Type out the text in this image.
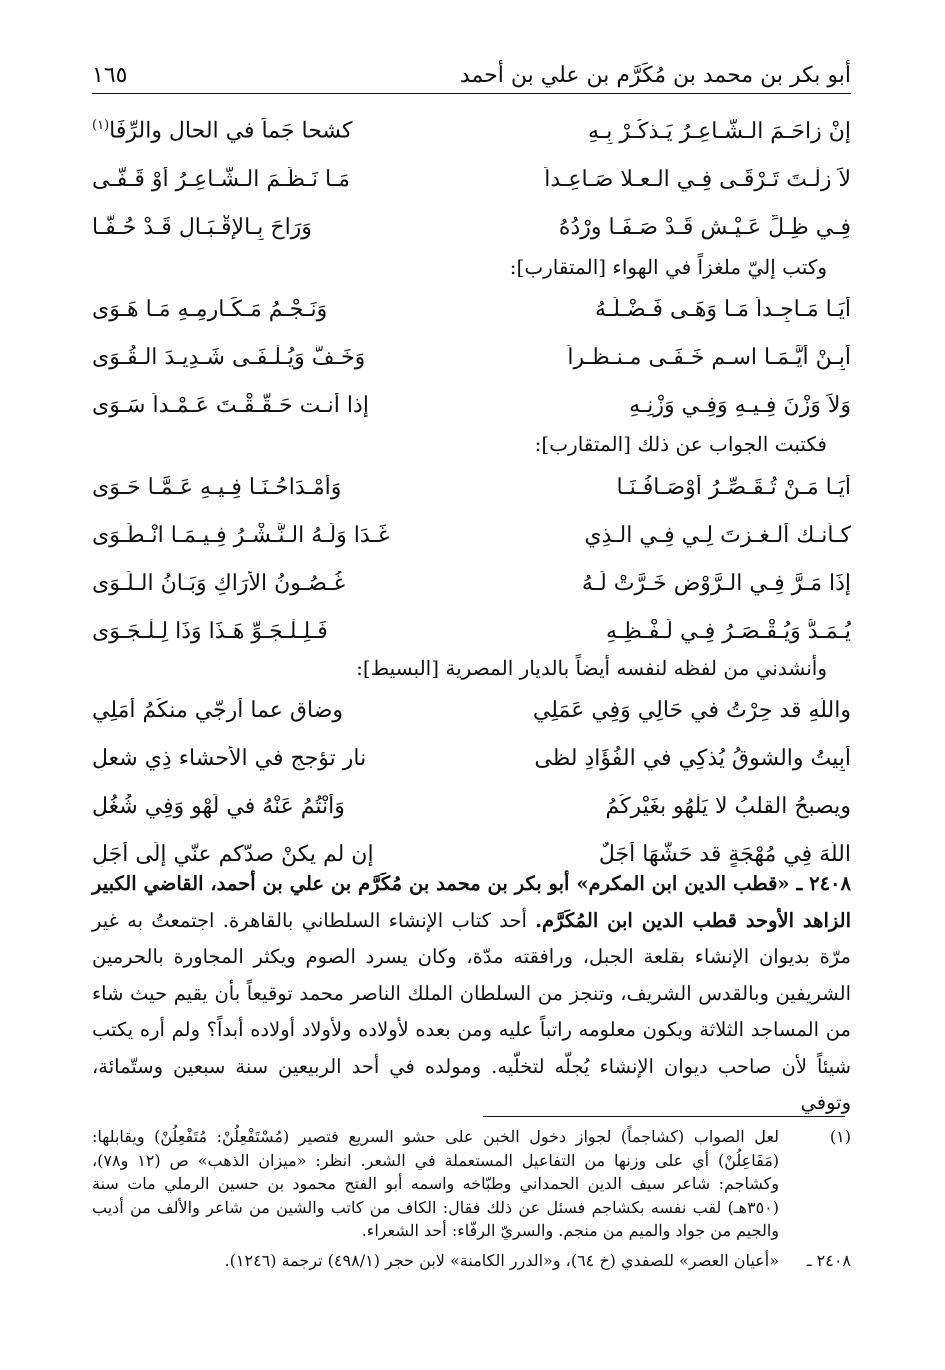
أبو بكر بن محمد بن مُكَرَّم بن علي بن أحمد
١٦٥
إنْ زاحَـمَ الـشَّـاعِـرُ يَـذكُـرْ بِـهِ
كشحا جَماً في الحال والرِّفَا$^{(١)}$
لاَ زِلْـتَ تَـرْقَـى فِـي الـعـلا صَـاعِـداً
مَـا نَـظَـمَ الـشَّـاعِـرُ أَوْ قَـفَّـى
فِـي ظِـلِّ عَـيْـشٍ قَـدْ صَـفَـا وِرْدُهُ
وَرَاحَ بِـالإِقْـبَـالِ قَـدْ حُـفَّـا
وكتب إليّ ملغزاً في الهواء [المتقارب]:
أَيَـا مَـاجِـداً مَـا وَهَـى فَـضْـلُـهُ
وَنَـجْـمُ مَـكَـارِمِـهِ مَـا هَـوَى
أَبِـنْ أَيَّـمَـا اسـمٍ خَـفَـى مـنـظـراً
وَخَـفَّ وَيُـلْـفَـى شَـدِيـدَ الـقُـوَى
وَلاَ وَزْنَ فِـيـهِ وَفِـي وَزْنِـهِ
إذا أنـت حَـقَّـقْـتَ عَـمْـداً سَـوَى
فكتبت الجواب عن ذلك [المتقارب]:
أَيَـا مَـنْ تُـقَـصِّـرُ أَوْصَـافُـنَـا
وَأَمْـدَاحُـنَـا فِـيـهِ عَـمَّـا حَـوَى
كـأنـك ألـغـزتَ لِـي فِـي الـذِي
غَـدَا وَلَـهُ الـنَّـشْـرُ فِـيـمَـا انْـطَـوَى
إذَا مَـرَّ فِـي الـرَّوْضِ خَـرَّتْ لَـهُ
غُـصُـونُ الأَرَاكِ وَبَـانُ الـلِّـوَى
يُـمَـدُّ وَيُـقْـصَـرُ فِـي لَـفْـظِـهِ
فَـلِـلْـجَـوِّ هَـذَا وَذَا لِـلْـجَـوَى
وأنشدني من لفظه لنفسه أيضاً بالديار المصرية [البسيط]:
واللّهِ قد حِرْتُ في حَالِي وَفِي عَمَلِي
وضاق عما أُرجّي منكُمُ أَمَلِي
أَبِيتُ والشوقُ يُذكِي في الفُؤَادِ لظى
نارٍ تؤجج في الأحشاء ذِي شعلِ
ويصبحُ القلبُ لا يَلْهُو بغَيْرِكُمُ
وَأَنْتُمُ عَنْهُ في لَهْوٍ وَفِي شُغُلِ
اللّهَ فِي مُهْجَةٍ قد حَشَّهَا أَجَلٌ
إن لم يكنْ صدّكم عنّي إِلَى أَجَلِ
٢٤٠٨ ـ «قطب الدين ابن المكرم» أبو بكر بن محمد بن مُكَرَّم بن علي بن أحمد، القاضي الكبير الزاهد الأوحد قطب الدين ابن المُكَرَّم. أحد كتاب الإنشاء السلطاني بالقاهرة. اجتمعتُ به غير مرّة بديوان الإنشاء بقلعة الجبل، ورافقته مدّة، وكان يسرد الصوم ويكثر المجاورة بالحرمين الشريفين وبالقدس الشريف، وتنجز من السلطان الملك الناصر محمد توقيعاً بأن يقيم حيث شاء من المساجد الثلاثة ويكون معلومه راتباً عليه ومن بعده لأولاده ولأولاد أولاده أبداً؟ ولم أره يكتب شيئاً لأن صاحب ديوان الإنشاء يُجلّه لتخلّيه. ومولده في أحد الربيعين سنة سبعين وستّمائة، وتوفي
(١)
لعل الصواب (كشاجماً) لجواز دخول الخبن على حشو السريع فتصير (مُسْتَفْعِلُنْ: مُتَفْعِلُنْ) ويقابلها: (مَفَاعِلُنْ) أي على وزنها من التفاعيل المستعملة في الشعر. انظر: «ميزان الذهب» ص (١٢ و٧٨)، وكشاجم: شاعر سيف الدين الحمداني وطبّاخه واسمه أبو الفتح محمود بن حسين الرملي مات سنة (٣٥٠هـ) لقب نفسه بكشاجم فسئل عن ذلك فقال: الكاف من كاتب والشين من شاعر والألف من أديب والجيم من جواد والميم من منجم. والسريّ الرفّاء: أحد الشعراء.
٢٤٠٨ ـ
«أعيان العصر» للصفدي (خ ٦٤)، و«الدرر الكامنة» لابن حجر (٤٩٨/١) ترجمة (١٢٤٦).
